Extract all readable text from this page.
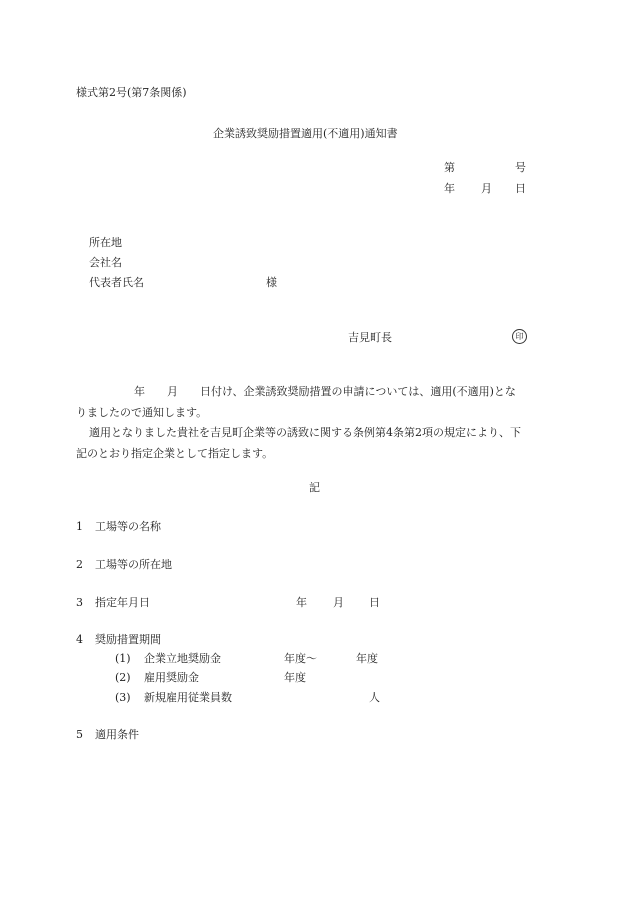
様式第2号(第7条関係)
企業誘致奨励措置適用(不適用)通知書
第	号
年 月 日
所在地
会社名
代表者氏名	様
吉見町長	印

年　　月　　日付け、企業誘致奨励措置の申請については、適用(不適用)とな

りましたので通知します。

適用となりました貴社を吉見町企業等の誘致に関する条例第4条第2項の規定により、下

記のとおり指定企業として指定します。

記
1 工場等の名称
2 工場等の所在地
3 指定年月日	年 月 日
4 奨励措置期間
(1) 企業立地奨励金	年度～	年度
(2) 雇用奨励金	年度
(3) 新規雇用従業員数	人
5 適用条件
